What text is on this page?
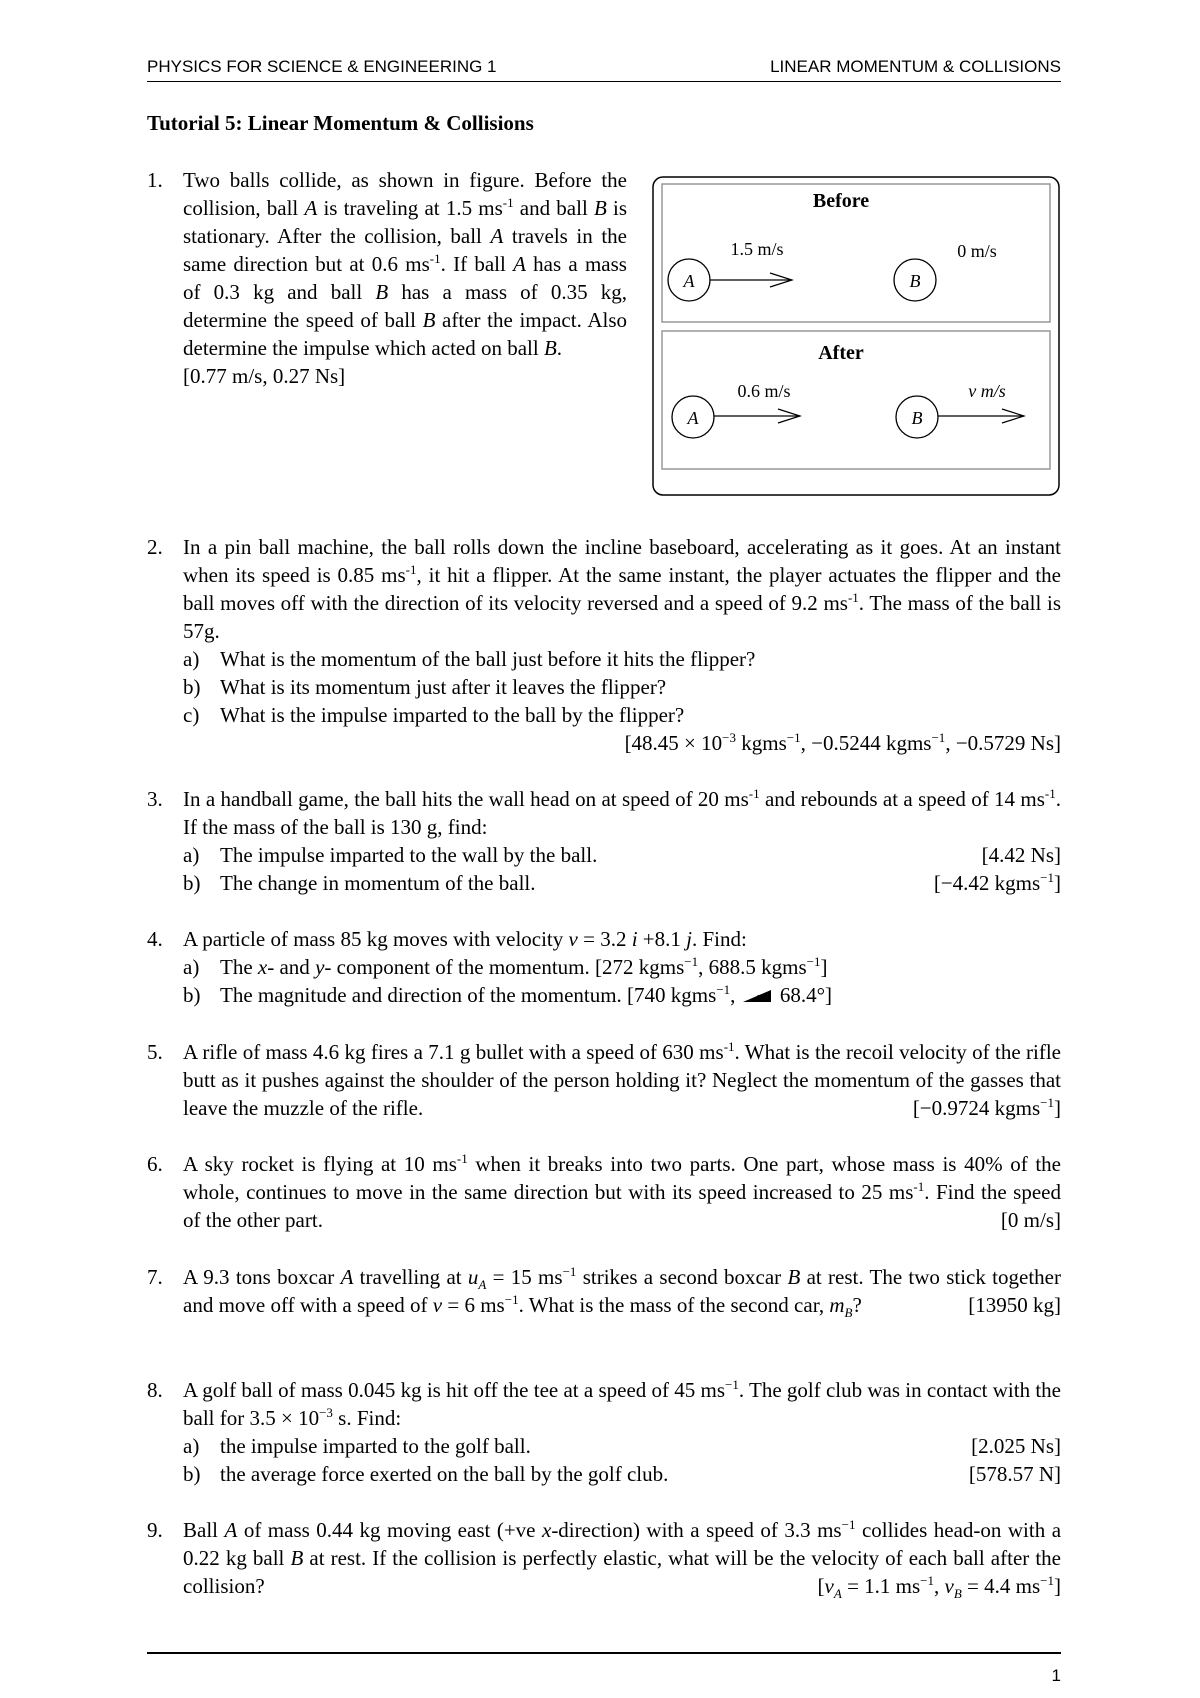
PHYSICS FOR SCIENCE & ENGINEERING 1	LINEAR MOMENTUM & COLLISIONS
Tutorial 5: Linear Momentum & Collisions
1. Two balls collide, as shown in figure. Before the collision, ball A is traveling at 1.5 $ms^{-1}$ and ball B is stationary. After the collision, ball A travels in the same direction but at 0.6 $ms^{-1}$. If ball A has a mass of 0.3 kg and ball B has a mass of 0.35 kg, determine the speed of ball B after the impact. Also determine the impulse which acted on ball B.
[0.77 m/s, 0.27 Ns]
Before
After
A
1.5 m/s
B
0 m/s
A
0.6 m/s
B
v m/s
2. In a pin ball machine, the ball rolls down the incline baseboard, accelerating as it goes. At an instant when its speed is 0.85 $ms^{-1}$, it hit a flipper. At the same instant, the player actuates the flipper and the ball moves off with the direction of its velocity reversed and a speed of 9.2 $ms^{-1}$. The mass of the ball is 57g.
a) What is the momentum of the ball just before it hits the flipper?
b) What is its momentum just after it leaves the flipper?
c) What is the impulse imparted to the ball by the flipper?
[$48.45 \times 10^{-3}$ kgms$^{-1}$, −0.5244 kgms$^{-1}$, −0.5729 Ns]
3. In a handball game, the ball hits the wall head on at speed of 20 $ms^{-1}$ and rebounds at a speed of 14 $ms^{-1}$. If the mass of the ball is 130 g, find:
a) The impulse imparted to the wall by the ball.	[4.42 Ns]
b) The change in momentum of the ball.	[−4.42 kgms$^{-1}$]
4. A particle of mass 85 kg moves with velocity v = 3.2 i +8.1 j. Find:
a) The x- and y- component of the momentum. [272 kgms$^{-1}$, 688.5 kgms$^{-1}$]
b) The magnitude and direction of the momentum. [740 kgms$^{-1}$,  68.4°]
5. A rifle of mass 4.6 kg fires a 7.1 g bullet with a speed of 630 $ms^{-1}$. What is the recoil velocity of the rifle butt as it pushes against the shoulder of the person holding it? Neglect the momentum of the gasses that leave the muzzle of the rifle.	[−0.9724 kgms$^{-1}$]
6. A sky rocket is flying at 10 $ms^{-1}$ when it breaks into two parts. One part, whose mass is 40% of the whole, continues to move in the same direction but with its speed increased to 25 $ms^{-1}$. Find the speed of the other part.	[0 m/s]
7. A 9.3 tons boxcar A travelling at $u_A = 15$ $ms^{-1}$ strikes a second boxcar B at rest. The two stick together and move off with a speed of v = 6 $ms^{-1}$. What is the mass of the second car, $m_B$?	[13950 kg]
8. A golf ball of mass 0.045 kg is hit off the tee at a speed of 45 $ms^{-1}$. The golf club was in contact with the ball for $3.5 \times 10^{-3}$ s. Find:
a) the impulse imparted to the golf ball.	[2.025 Ns]
b) the average force exerted on the ball by the golf club.	[578.57 N]
9. Ball A of mass 0.44 kg moving east (+ve x-direction) with a speed of 3.3 $ms^{-1}$ collides head-on with a 0.22 kg ball B at rest. If the collision is perfectly elastic, what will be the velocity of each ball after the collision?	[$v_A = 1.1$ $ms^{-1}$, $v_B = 4.4$ $ms^{-1}$]
1
